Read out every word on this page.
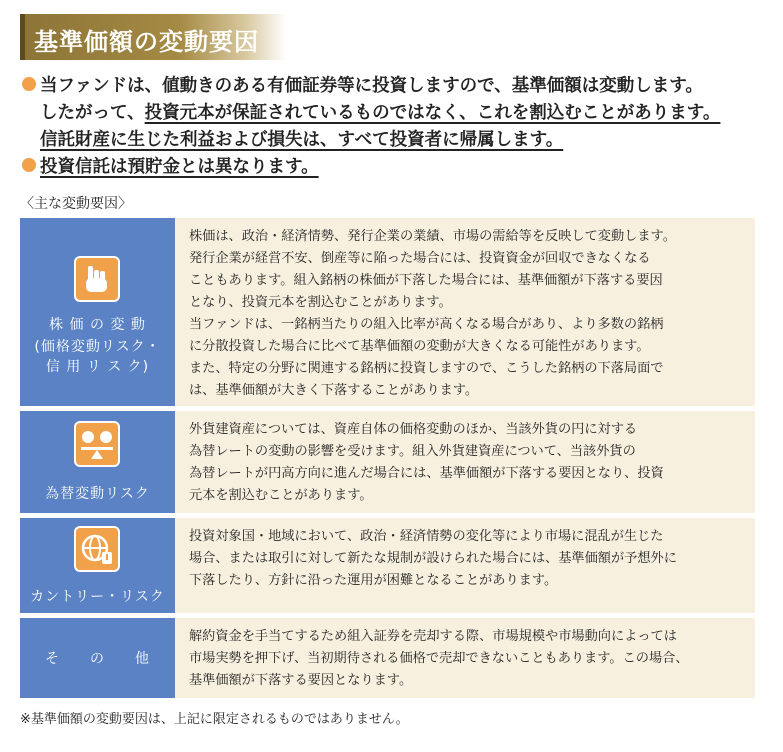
基準価額の変動要因
当ファンドは、値動きのある有価証券等に投資しますので、基準価額は変動します。
したがって、投資元本が保証されているものではなく、これを割込むことがあります。
信託財産に生じた利益および損失は、すべて投資者に帰属します。
投資信託は預貯金とは異なります。
〈主な変動要因〉
株 価 の 変 動
(価格変動リスク・
信 用 リ ス ク)
株価は、政治・経済情勢、発行企業の業績、市場の需給等を反映して変動します。
発行企業が経営不安、倒産等に陥った場合には、投資資金が回収できなくなる
こともあります。組入銘柄の株価が下落した場合には、基準価額が下落する要因
となり、投資元本を割込むことがあります。
当ファンドは、一銘柄当たりの組入比率が高くなる場合があり、より多数の銘柄
に分散投資した場合に比べて基準価額の変動が大きくなる可能性があります。
また、特定の分野に関連する銘柄に投資しますので、こうした銘柄の下落局面で
は、基準価額が大きく下落することがあります。
為替変動リスク
外貨建資産については、資産自体の価格変動のほか、当該外貨の円に対する
為替レートの変動の影響を受けます。組入外貨建資産について、当該外貨の
為替レートが円高方向に進んだ場合には、基準価額が下落する要因となり、投資
元本を割込むことがあります。
カントリー・リスク
投資対象国・地域において、政治・経済情勢の変化等により市場に混乱が生じた
場合、または取引に対して新たな規制が設けられた場合には、基準価額が予想外に
下落したり、方針に沿った運用が困難となることがあります。
そ　　の　　他
解約資金を手当てするため組入証券を売却する際、市場規模や市場動向によっては
市場実勢を押下げ、当初期待される価格で売却できないこともあります。この場合、
基準価額が下落する要因となります。
※基準価額の変動要因は、上記に限定されるものではありません。
